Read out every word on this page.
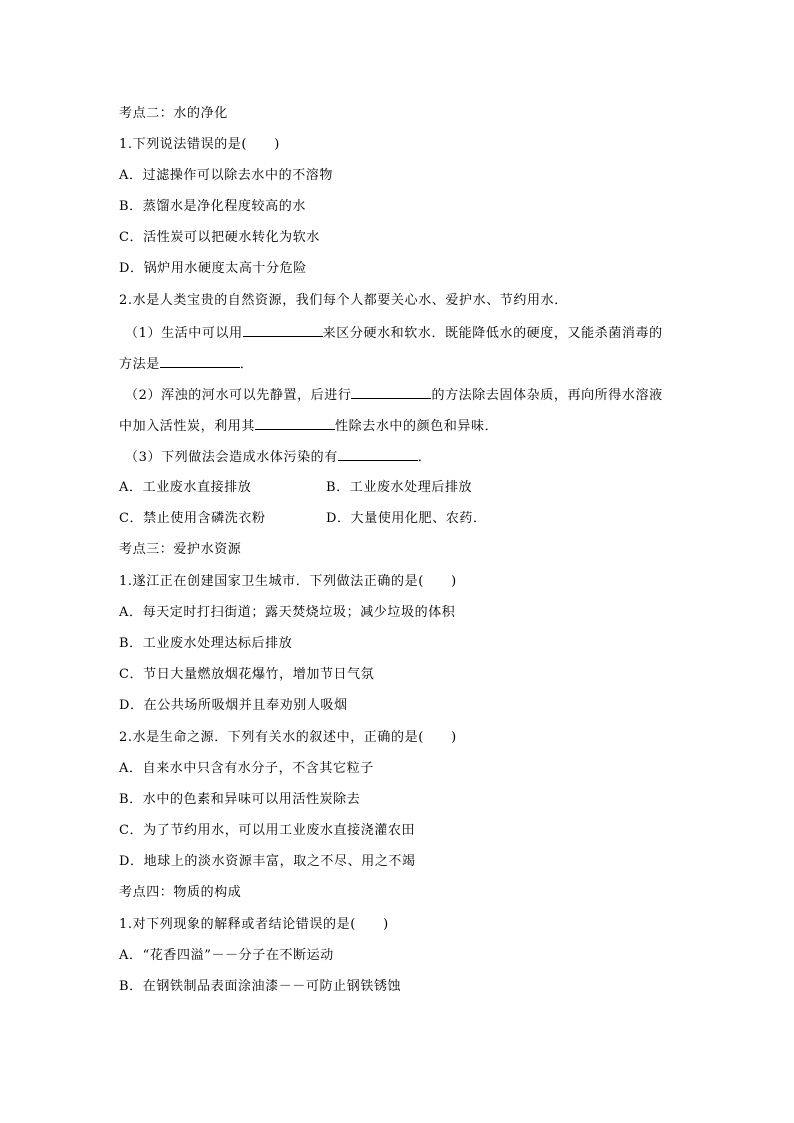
考点二：水的净化
1.下列说法错误的是(　　)
A．过滤操作可以除去水中的不溶物
B．蒸馏水是净化程度较高的水
C．活性炭可以把硬水转化为软水
D．锅炉用水硬度太高十分危险
2.水是人类宝贵的自然资源，我们每个人都要关心水、爱护水、节约用水．
（1）生活中可以用	来区分硬水和软水．既能降低水的硬度，又能杀菌消毒的
方法是	．
（2）浑浊的河水可以先静置，后进行	的方法除去固体杂质，再向所得水溶液
中加入活性炭，利用其	性除去水中的颜色和异味．
（3）下列做法会造成水体污染的有	．
A．工业废水直接排放	B．工业废水处理后排放
C．禁止使用含磷洗衣粉	D．大量使用化肥、农药．
考点三：爱护水资源
1.遂江正在创建国家卫生城市．下列做法正确的是(　　)
A．每天定时打扫街道；露天焚烧垃圾；减少垃圾的体积
B．工业废水处理达标后排放
C．节日大量燃放烟花爆竹，增加节日气氛
D．在公共场所吸烟并且奉劝别人吸烟
2.水是生命之源．下列有关水的叙述中，正确的是(　　)
A．自来水中只含有水分子，不含其它粒子
B．水中的色素和异味可以用活性炭除去
C．为了节约用水，可以用工业废水直接浇灌农田
D．地球上的淡水资源丰富，取之不尽、用之不竭
考点四：物质的构成
1.对下列现象的解释或者结论错误的是(　　)
A．“花香四溢”－－分子在不断运动
B．在钢铁制品表面涂油漆－－可防止钢铁锈蚀
